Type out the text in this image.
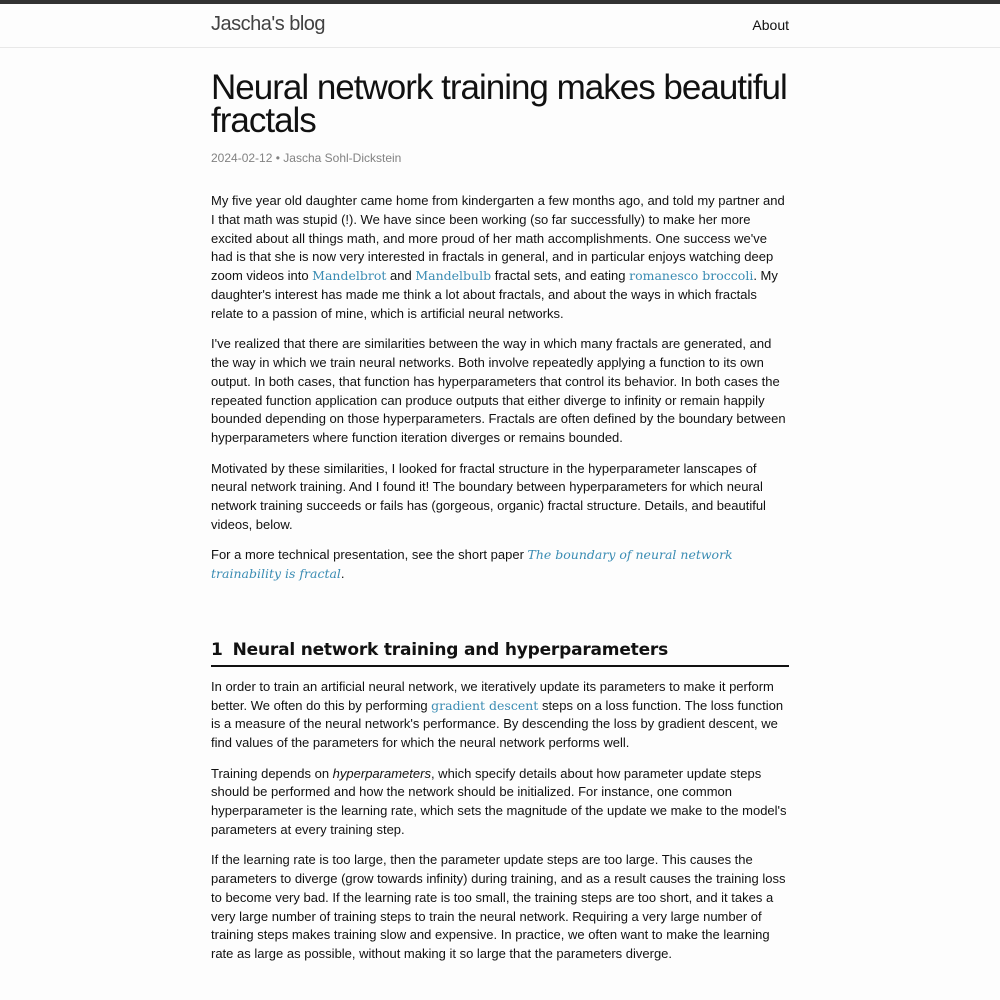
Jascha's blog	About
Neural network training makes beautiful fractals
2024-02-12 • Jascha Sohl-Dickstein

My five year old daughter came home from kindergarten a few months ago, and told my partner and I that math was stupid (!). We have since been working (so far successfully) to make her more excited about all things math, and more proud of her math accomplishments. One success we've had is that she is now very interested in fractals in general, and in particular enjoys watching deep zoom videos into Mandelbrot and Mandelbulb fractal sets, and eating romanesco broccoli. My daughter's interest has made me think a lot about fractals, and about the ways in which fractals relate to a passion of mine, which is artificial neural networks.

I've realized that there are similarities between the way in which many fractals are generated, and the way in which we train neural networks. Both involve repeatedly applying a function to its own output. In both cases, that function has hyperparameters that control its behavior. In both cases the repeated function application can produce outputs that either diverge to infinity or remain happily bounded depending on those hyperparameters. Fractals are often defined by the boundary between hyperparameters where function iteration diverges or remains bounded.

Motivated by these similarities, I looked for fractal structure in the hyperparameter lanscapes of neural network training. And I found it! The boundary between hyperparameters for which neural network training succeeds or fails has (gorgeous, organic) fractal structure. Details, and beautiful videos, below.

For a more technical presentation, see the short paper The boundary of neural network trainability is fractal.

1 Neural network training and hyperparameters

In order to train an artificial neural network, we iteratively update its parameters to make it perform better. We often do this by performing gradient descent steps on a loss function. The loss function is a measure of the neural network's performance. By descending the loss by gradient descent, we find values of the parameters for which the neural network performs well.

Training depends on hyperparameters, which specify details about how parameter update steps should be performed and how the network should be initialized. For instance, one common hyperparameter is the learning rate, which sets the magnitude of the update we make to the model's parameters at every training step.

If the learning rate is too large, then the parameter update steps are too large. This causes the parameters to diverge (grow towards infinity) during training, and as a result causes the training loss to become very bad. If the learning rate is too small, the training steps are too short, and it takes a very large number of training steps to train the neural network. Requiring a very large number of training steps makes training slow and expensive. In practice, we often want to make the learning rate as large as possible, without making it so large that the parameters diverge.
